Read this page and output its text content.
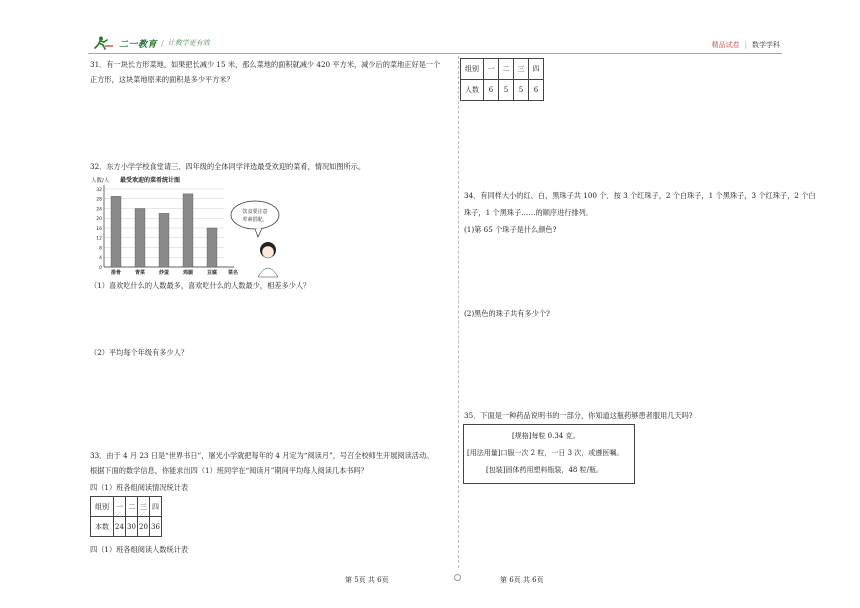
二一教育 / 让教学更有效	精品试卷 | 数学学科
31．有一块长方形菜地，如果把长减少 15 米，那么菜地的面积就减少 420 平方米，减少后的菜地正好是一个
正方形，这块菜地原来的面积是多少平方米？
32．东方小学学校食堂请三、四年级的全体同学评选最受欢迎的菜肴，情况如图所示。
人数/人 最受欢迎的菜肴统计图
32
28
24
20
16
12
8
4
0
排骨	青菜	炒蛋	鸡腿	豆腐 菜名
饮食要注意
荤素搭配。
（1）喜欢吃什么的人数最多，喜欢吃什么的人数最少，相差多少人？
（2）平均每个年级有多少人？
33．由于 4 月 23 日是“世界书日”，屠光小学就把每年的 4 月定为“阅读月”，号召全校师生开展阅读活动。
根据下面的数学信息，你能求出四（1）班同学在“阅读月”期间平均每人阅读几本书吗？
四（1）班各组阅读情况统计表
组别	一	二	三	四
本数	24	30	20	36
四（1）班各组阅读人数统计表
组别	一	二	三	四
人数	6	5	5	6
34．有同样大小的红、白、黑珠子共 100 个．按 3 个红珠子，2 个白珠子，1 个黑珠子，3 个红珠子，2 个白
珠子，1 个黑珠子……的顺序进行排列．
(1)第 65 个珠子是什么颜色?
(2)黑色的珠子共有多少个?
35．下面是一种药品说明书的一部分，你知道这瓶药够患者服用几天吗?
[规格]每粒 0.34 克。
[用法用量]口服一次 2 粒，一日 3 次，或遵医嘱。
[包装]固体药用塑料瓶装，48 粒/瓶。
第 5页 共 6页	第 6页 共 6页
